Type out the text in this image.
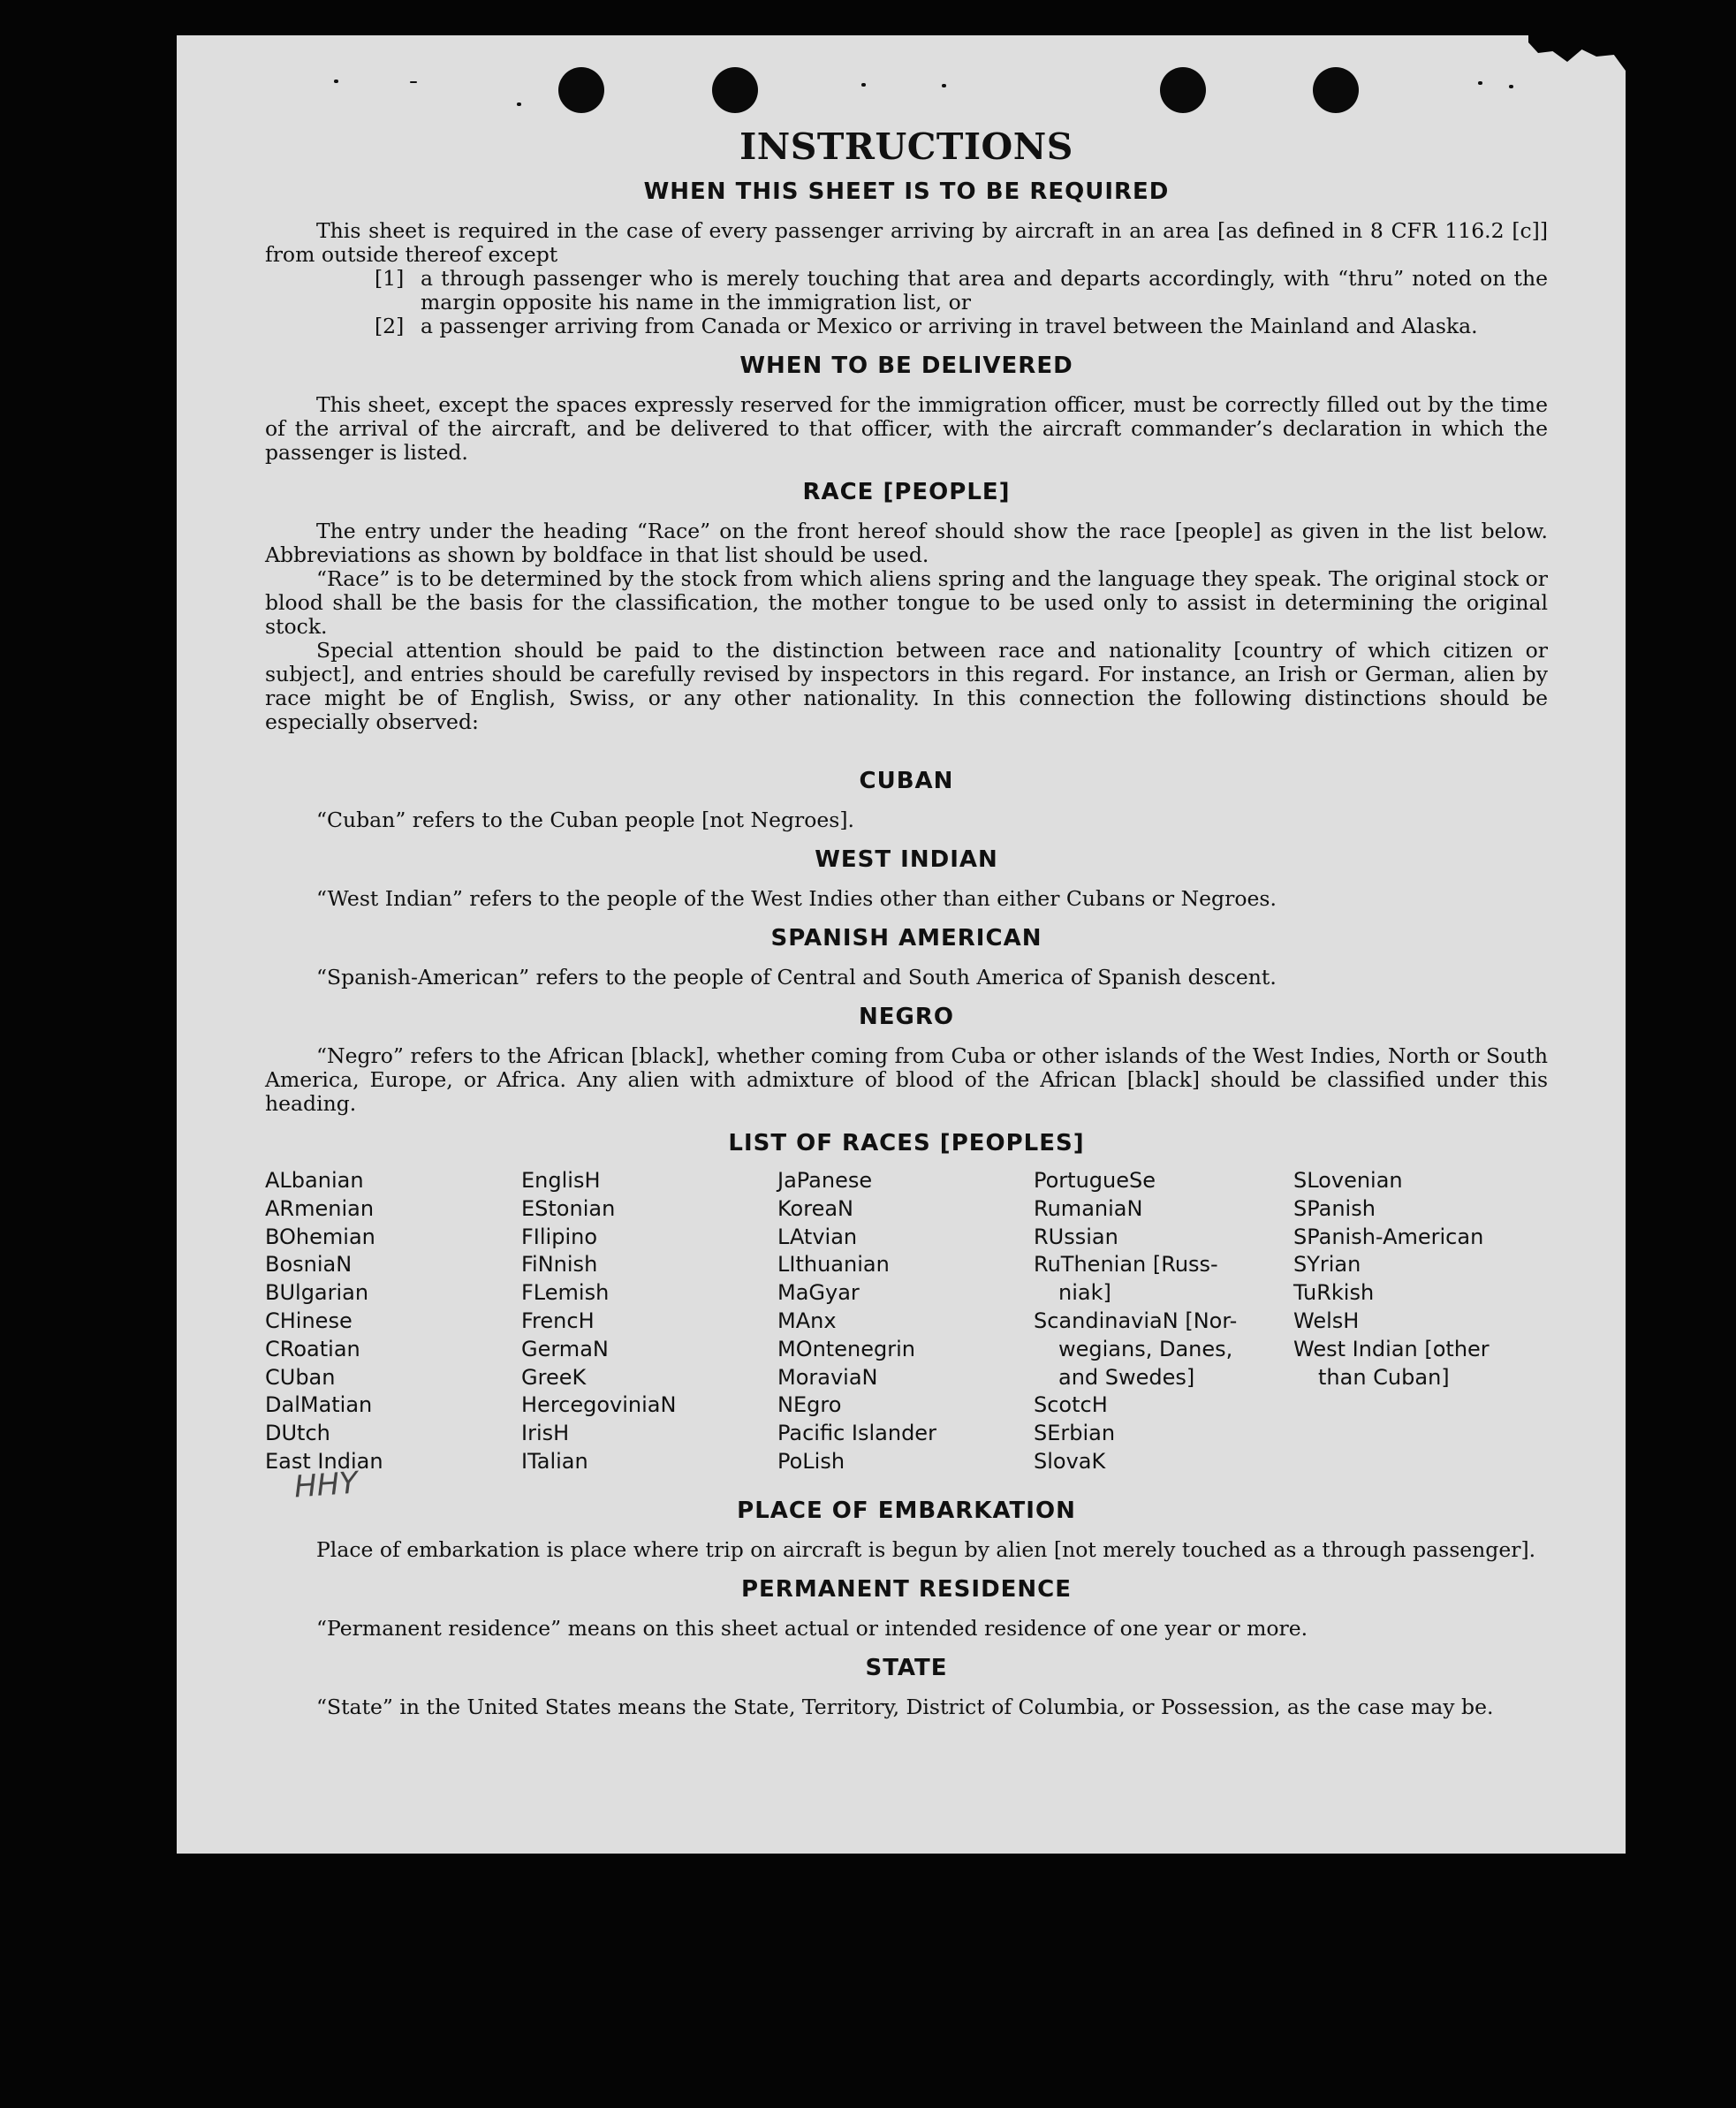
INSTRUCTIONS
WHEN THIS SHEET IS TO BE REQUIRED

This sheet is required in the case of every passenger arriving by aircraft in an area [as defined in 8 CFR 116.2 [c]] from outside thereof except

[1] a through passenger who is merely touching that area and departs accordingly, with “thru” noted on the margin opposite his name in the immigration list, or
[2] a passenger arriving from Canada or Mexico or arriving in travel between the Mainland and Alaska.
WHEN TO BE DELIVERED

This sheet, except the spaces expressly reserved for the immigration officer, must be correctly filled out by the time of the arrival of the aircraft, and be delivered to that officer, with the aircraft commander’s declaration in which the passenger is listed.

RACE [PEOPLE]

The entry under the heading “Race” on the front hereof should show the race [people] as given in the list below. Abbreviations as shown by boldface in that list should be used.

“Race” is to be determined by the stock from which aliens spring and the language they speak. The original stock or blood shall be the basis for the classification, the mother tongue to be used only to assist in determining the original stock.

Special attention should be paid to the distinction between race and nationality [country of which citizen or subject], and entries should be carefully revised by inspectors in this regard. For instance, an Irish or German, alien by race might be of English, Swiss, or any other nationality. In this connection the following distinctions should be especially observed:

CUBAN

“Cuban” refers to the Cuban people [not Negroes].

WEST INDIAN

“West Indian” refers to the people of the West Indies other than either Cubans or Negroes.

SPANISH AMERICAN

“Spanish-American” refers to the people of Central and South America of Spanish descent.

NEGRO

“Negro” refers to the African [black], whether coming from Cuba or other islands of the West Indies, North or South America, Europe, or Africa. Any alien with admixture of blood of the African [black] should be classified under this heading.

LIST OF RACES [PEOPLES]
ALbanian
ARmenian
BOhemian
BosniaN
BUlgarian
CHinese
CRoatian
CUban
DalMatian
DUtch
East Indian
EnglisH
EStonian
FIlipino
FiNnish
FLemish
FrencH
GermaN
GreeK
HercegoviniaN
IrisH
ITalian
JaPanese
KoreaN
LAtvian
LIthuanian
MaGyar
MAnx
MOntenegrin
MoraviaN
NEgro
Pacific Islander
PoLish
PortugueSe
RumaniaN
RUssian
RuThenian [Russ-
niak]
ScandinaviaN [Nor-
wegians, Danes,
and Swedes]
ScotcH
SErbian
SlovaK
SLovenian
SPanish
SPanish-American
SYrian
TuRkish
WelsH
West Indian [other
than Cuban]
PLACE OF EMBARKATION

Place of embarkation is place where trip on aircraft is begun by alien [not merely touched as a through passenger].

PERMANENT RESIDENCE

“Permanent residence” means on this sheet actual or intended residence of one year or more.

STATE

“State” in the United States means the State, Territory, District of Columbia, or Possession, as the case may be.

HHY
